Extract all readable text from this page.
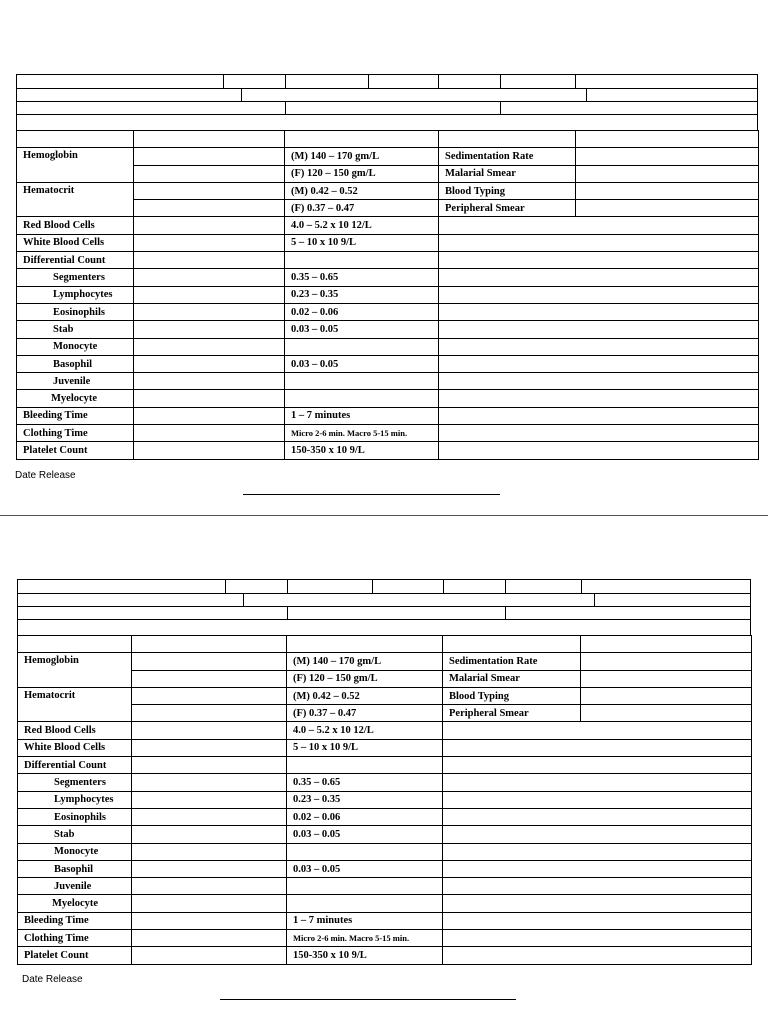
Hemoglobin		(M) 140 – 170 gm/L	Sedimentation Rate	
		(F) 120 – 150 gm/L	Malarial Smear	
Hematocrit		(M) 0.42 – 0.52	Blood Typing	
		(F) 0.37 – 0.47	Peripheral Smear	
Red Blood Cells		4.0 – 5.2 x 10 12/L		
White Blood Cells		5 – 10 x 10 9/L		
Differential Count				
Segmenters		0.35 – 0.65		
Lymphocytes		0.23 – 0.35		
Eosinophils		0.02 – 0.06		
Stab		0.03 – 0.05		
Monocyte				
Basophil		0.03 – 0.05		
Juvenile				
Myelocyte				
Bleeding Time		1 – 7 minutes		
Clothing Time		Micro 2-6 min. Macro 5-15 min.		
Platelet Count		150-350 x 10 9/L		
Date Release

Hemoglobin		(M) 140 – 170 gm/L	Sedimentation Rate	
		(F) 120 – 150 gm/L	Malarial Smear	
Hematocrit		(M) 0.42 – 0.52	Blood Typing	
		(F) 0.37 – 0.47	Peripheral Smear	
Red Blood Cells		4.0 – 5.2 x 10 12/L		
White Blood Cells		5 – 10 x 10 9/L		
Differential Count				
Segmenters		0.35 – 0.65		
Lymphocytes		0.23 – 0.35		
Eosinophils		0.02 – 0.06		
Stab		0.03 – 0.05		
Monocyte				
Basophil		0.03 – 0.05		
Juvenile				
Myelocyte				
Bleeding Time		1 – 7 minutes		
Clothing Time		Micro 2-6 min. Macro 5-15 min.		
Platelet Count		150-350 x 10 9/L		
Date Release
